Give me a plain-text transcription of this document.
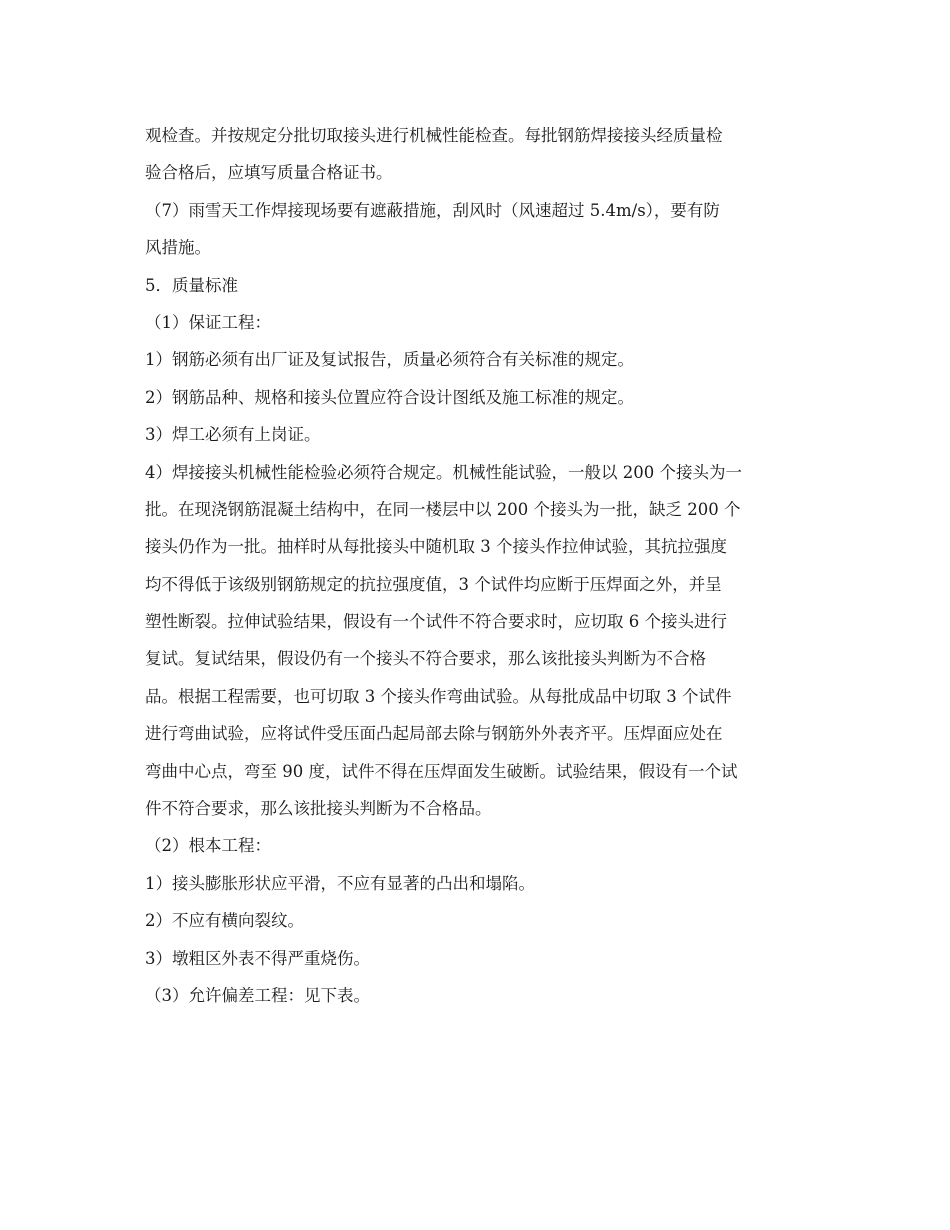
观检查。并按规定分批切取接头进行机械性能检查。每批钢筋焊接接头经质量检
验合格后，应填写质量合格证书。
（7）雨雪天工作焊接现场要有遮蔽措施，刮风时（风速超过 5.4m/s），要有防
风措施。
5．质量标准
（1）保证工程：
1）钢筋必须有出厂证及复试报告，质量必须符合有关标准的规定。
2）钢筋品种、规格和接头位置应符合设计图纸及施工标准的规定。
3）焊工必须有上岗证。
4）焊接接头机械性能检验必须符合规定。机械性能试验，一般以 200 个接头为一
批。在现浇钢筋混凝土结构中，在同一楼层中以 200 个接头为一批，缺乏 200 个
接头仍作为一批。抽样时从每批接头中随机取 3 个接头作拉伸试验，其抗拉强度
均不得低于该级别钢筋规定的抗拉强度值，3 个试件均应断于压焊面之外，并呈
塑性断裂。拉伸试验结果，假设有一个试件不符合要求时，应切取 6 个接头进行
复试。复试结果，假设仍有一个接头不符合要求，那么该批接头判断为不合格
品。根据工程需要，也可切取 3 个接头作弯曲试验。从每批成品中切取 3 个试件
进行弯曲试验，应将试件受压面凸起局部去除与钢筋外外表齐平。压焊面应处在
弯曲中心点，弯至 90 度，试件不得在压焊面发生破断。试验结果，假设有一个试
件不符合要求，那么该批接头判断为不合格品。
（2）根本工程：
1）接头膨胀形状应平滑，不应有显著的凸出和塌陷。
2）不应有横向裂纹。
3）墩粗区外表不得严重烧伤。
（3）允许偏差工程：见下表。
